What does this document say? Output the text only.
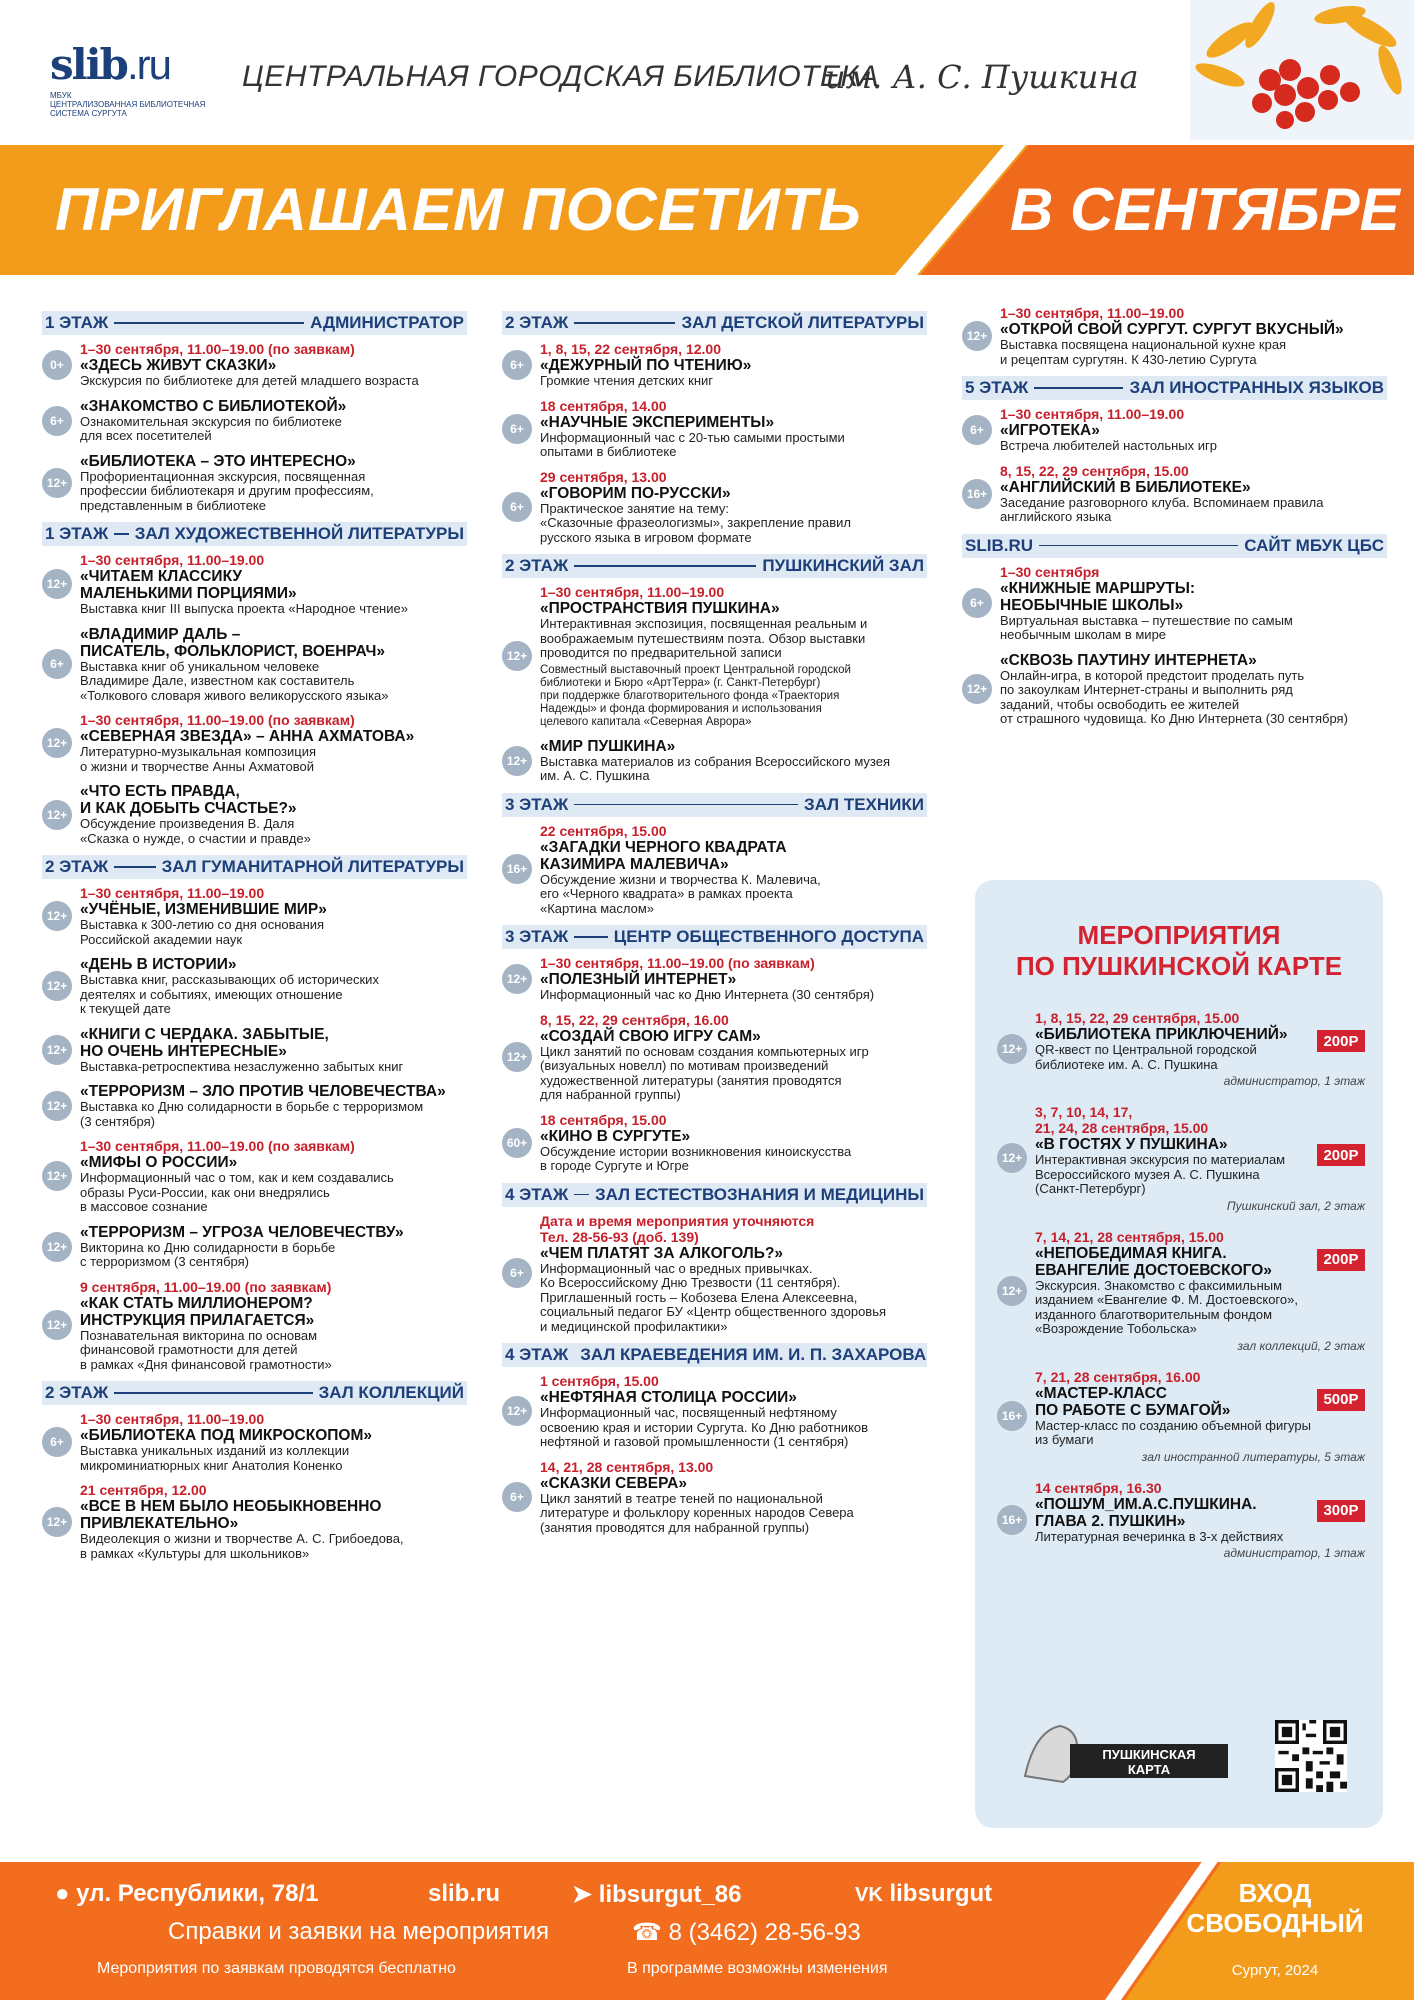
slib.ru
МБУК
ЦЕНТРАЛИЗОВАННАЯ БИБЛИОТЕЧНАЯ
СИСТЕМА СУРГУТА
ЦЕНТРАЛЬНАЯ ГОРОДСКАЯ БИБЛИОТЕКА
им. А. С. Пушкина
ПРИГЛАШАЕМ ПОСЕТИТЬ В СЕНТЯБРЕ
1 ЭТАЖ	АДМИНИСТРАТОР
0+
1–30 сентября, 11.00–19.00 (по заявкам)
«ЗДЕСЬ ЖИВУТ СКАЗКИ»
Экскурсия по библиотеке для детей младшего возраста
6+
«ЗНАКОМСТВО С БИБЛИОТЕКОЙ»
Ознакомительная экскурсия по библиотеке
для всех посетителей
12+
«БИБЛИОТЕКА – ЭТО ИНТЕРЕСНО»
Профориентационная экскурсия, посвященная
профессии библиотекаря и другим профессиям,
представленным в библиотеке
1 ЭТАЖ ЗАЛ ХУДОЖЕСТВЕННОЙ ЛИТЕРАТУРЫ
12+
1–30 сентября, 11.00–19.00
«ЧИТАЕМ КЛАССИКУ
МАЛЕНЬКИМИ ПОРЦИЯМИ»
Выставка книг III выпуска проекта «Народное чтение»
6+
«ВЛАДИМИР ДАЛЬ –
ПИСАТЕЛЬ, ФОЛЬКЛОРИСТ, ВОЕНРАЧ»
Выставка книг об уникальном человеке
Владимире Дале, известном как составитель
«Толкового словаря живого великорусского языка»
12+
1–30 сентября, 11.00–19.00 (по заявкам)
«СЕВЕРНАЯ ЗВЕЗДА» – АННА АХМАТОВА»
Литературно-музыкальная композиция
о жизни и творчестве Анны Ахматовой
12+
«ЧТО ЕСТЬ ПРАВДА,
И КАК ДОБЫТЬ СЧАСТЬЕ?»
Обсуждение произведения В. Даля
«Сказка о нужде, о счастии и правде»
2 ЭТАЖ	ЗАЛ ГУМАНИТАРНОЙ ЛИТЕРАТУРЫ
12+
1–30 сентября, 11.00–19.00
«УЧЁНЫЕ, ИЗМЕНИВШИЕ МИР»
Выставка к 300-летию со дня основания
Российской академии наук
12+
«ДЕНЬ В ИСТОРИИ»
Выставка книг, рассказывающих об исторических
деятелях и событиях, имеющих отношение
к текущей дате
12+
«КНИГИ С ЧЕРДАКА. ЗАБЫТЫЕ,
НО ОЧЕНЬ ИНТЕРЕСНЫЕ»
Выставка-ретроспектива незаслуженно забытых книг
12+
«ТЕРРОРИЗМ – ЗЛО ПРОТИВ ЧЕЛОВЕЧЕСТВА»
Выставка ко Дню солидарности в борьбе с терроризмом
(3 сентября)
12+
1–30 сентября, 11.00–19.00 (по заявкам)
«МИФЫ О РОССИИ»
Информационный час о том, как и кем создавались
образы Руси-России, как они внедрялись
в массовое сознание
12+
«ТЕРРОРИЗМ – УГРОЗА ЧЕЛОВЕЧЕСТВУ»
Викторина ко Дню солидарности в борьбе
с терроризмом (3 сентября)
12+
9 сентября, 11.00–19.00 (по заявкам)
«КАК СТАТЬ МИЛЛИОНЕРОМ?
ИНСТРУКЦИЯ ПРИЛАГАЕТСЯ»
Познавательная викторина по основам
финансовой грамотности для детей
в рамках «Дня финансовой грамотности»
2 ЭТАЖ	ЗАЛ КОЛЛЕКЦИЙ
6+
1–30 сентября, 11.00–19.00
«БИБЛИОТЕКА ПОД МИКРОСКОПОМ»
Выставка уникальных изданий из коллекции
микроминиатюрных книг Анатолия Коненко
12+
21 сентября, 12.00
«ВСЕ В НЕМ БЫЛО НЕОБЫКНОВЕННО
ПРИВЛЕКАТЕЛЬНО»
Видеолекция о жизни и творчестве А. С. Грибоедова,
в рамках «Культуры для школьников»
2 ЭТАЖ	ЗАЛ ДЕТСКОЙ ЛИТЕРАТУРЫ
6+
1, 8, 15, 22 сентября, 12.00
«ДЕЖУРНЫЙ ПО ЧТЕНИЮ»
Громкие чтения детских книг
6+
18 сентября, 14.00
«НАУЧНЫЕ ЭКСПЕРИМЕНТЫ»
Информационный час с 20-тью самыми простыми
опытами в библиотеке
6+
29 сентября, 13.00
«ГОВОРИМ ПО-РУССКИ»
Практическое занятие на тему:
«Сказочные фразеологизмы», закрепление правил
русского языка в игровом формате
2 ЭТАЖ	ПУШКИНСКИЙ ЗАЛ
12+
1–30 сентября, 11.00–19.00
«ПРОСТРАНСТВИЯ ПУШКИНА»
Интерактивная экспозиция, посвященная реальным и
воображаемым путешествиям поэта. Обзор выставки
проводится по предварительной записи
Совместный выставочный проект Центральной городской
библиотеки и Бюро «АртТерра» (г. Санкт-Петербург)
при поддержке благотворительного фонда «Траектория
Надежды» и фонда формирования и использования
целевого капитала «Северная Аврора»
12+
«МИР ПУШКИНА»
Выставка материалов из собрания Всероссийского музея
им. А. С. Пушкина
3 ЭТАЖ	ЗАЛ ТЕХНИКИ
16+
22 сентября, 15.00
«ЗАГАДКИ ЧЕРНОГО КВАДРАТА
КАЗИМИРА МАЛЕВИЧА»
Обсуждение жизни и творчества К. Малевича,
его «Черного квадрата» в рамках проекта
«Картина маслом»
3 ЭТАЖ	ЦЕНТР ОБЩЕСТВЕННОГО ДОСТУПА
12+
1–30 сентября, 11.00–19.00 (по заявкам)
«ПОЛЕЗНЫЙ ИНТЕРНЕТ»
Информационный час ко Дню Интернета (30 сентября)
12+
8, 15, 22, 29 сентября, 16.00
«СОЗДАЙ СВОЮ ИГРУ САМ»
Цикл занятий по основам создания компьютерных игр
(визуальных новелл) по мотивам произведений
художественной литературы (занятия проводятся
для набранной группы)
60+
18 сентября, 15.00
«КИНО В СУРГУТЕ»
Обсуждение истории возникновения киноискусства
в городе Сургуте и Югре
4 ЭТАЖ ЗАЛ ЕСТЕСТВОЗНАНИЯ И МЕДИЦИНЫ
6+
Дата и время мероприятия уточняются
Тел. 28-56-93 (доб. 139)
«ЧЕМ ПЛАТЯТ ЗА АЛКОГОЛЬ?»
Информационный час о вредных привычках.
Ко Всероссийскому Дню Трезвости (11 сентября).
Приглашенный гость – Кобозева Елена Алексеевна,
социальный педагог БУ «Центр общественного здоровья
и медицинской профилактики»
4 ЭТАЖ ЗАЛ КРАЕВЕДЕНИЯ ИМ. И. П. ЗАХАРОВА
12+
1 сентября, 15.00
«НЕФТЯНАЯ СТОЛИЦА РОССИИ»
Информационный час, посвященный нефтяному
освоению края и истории Сургута. Ко Дню работников
нефтяной и газовой промышленности (1 сентября)
6+
14, 21, 28 сентября, 13.00
«СКАЗКИ СЕВЕРА»
Цикл занятий в театре теней по национальной
литературе и фольклору коренных народов Севера
(занятия проводятся для набранной группы)
12+
1–30 сентября, 11.00–19.00
«ОТКРОЙ СВОЙ СУРГУТ. СУРГУТ ВКУСНЫЙ»
Выставка посвящена национальной кухне края
и рецептам сургутян. К 430-летию Сургута
5 ЭТАЖ	ЗАЛ ИНОСТРАННЫХ ЯЗЫКОВ
6+
1–30 сентября, 11.00–19.00
«ИГРОТЕКА»
Встреча любителей настольных игр
16+
8, 15, 22, 29 сентября, 15.00
«АНГЛИЙСКИЙ В БИБЛИОТЕКЕ»
Заседание разговорного клуба. Вспоминаем правила
английского языка
SLIB.RU	САЙТ МБУК ЦБС
6+
1–30 сентября
«КНИЖНЫЕ МАРШРУТЫ:
НЕОБЫЧНЫЕ ШКОЛЫ»
Виртуальная выставка – путешествие по самым
необычным школам в мире
12+
«СКВОЗЬ ПАУТИНУ ИНТЕРНЕТА»
Онлайн-игра, в которой предстоит проделать путь
по закоулкам Интернет-страны и выполнить ряд
заданий, чтобы освободить ее жителей
от страшного чудовища. Ко Дню Интернета (30 сентября)
МЕРОПРИЯТИЯ
ПО ПУШКИНСКОЙ КАРТЕ
12+
1, 8, 15, 22, 29 сентября, 15.00
«БИБЛИОТЕКА ПРИКЛЮЧЕНИЙ»
QR-квест по Центральной городской
библиотеке им. А. С. Пушкина
200Р
администратор, 1 этаж
12+
3, 7, 10, 14, 17,
21, 24, 28 сентября, 15.00
«В ГОСТЯХ У ПУШКИНА»
Интерактивная экскурсия по материалам
Всероссийского музея А. С. Пушкина
(Санкт-Петербург)
200Р
Пушкинский зал, 2 этаж
12+
7, 14, 21, 28 сентября, 15.00
«НЕПОБЕДИМАЯ КНИГА.
ЕВАНГЕЛИЕ ДОСТОЕВСКОГО»
Экскурсия. Знакомство с факсимильным
изданием «Евангелие Ф. М. Достоевского»,
изданного благотворительным фондом
«Возрождение Тобольска»
200Р
зал коллекций, 2 этаж
16+
7, 21, 28 сентября, 16.00
«МАСТЕР-КЛАСС
ПО РАБОТЕ С БУМАГОЙ»
Мастер-класс по созданию объемной фигуры
из бумаги
500Р
зал иностранной литературы, 5 этаж
16+
14 сентября, 16.30
«ПОШУМ_ИМ.А.С.ПУШКИНА.
ГЛАВА 2. ПУШКИН»
Литературная вечеринка в 3-х действиях
300Р
администратор, 1 этаж
ПУШКИНСКАЯ
КАРТА
● ул. Республики, 78/1	slib.ru	➤ libsurgut_86	VK libsurgut
Справки и заявки на мероприятия	☎ 8 (3462) 28-56-93
Мероприятия по заявкам проводятся бесплатно	В программе возможны изменения
ВХОД
СВОБОДНЫЙ
Сургут, 2024
